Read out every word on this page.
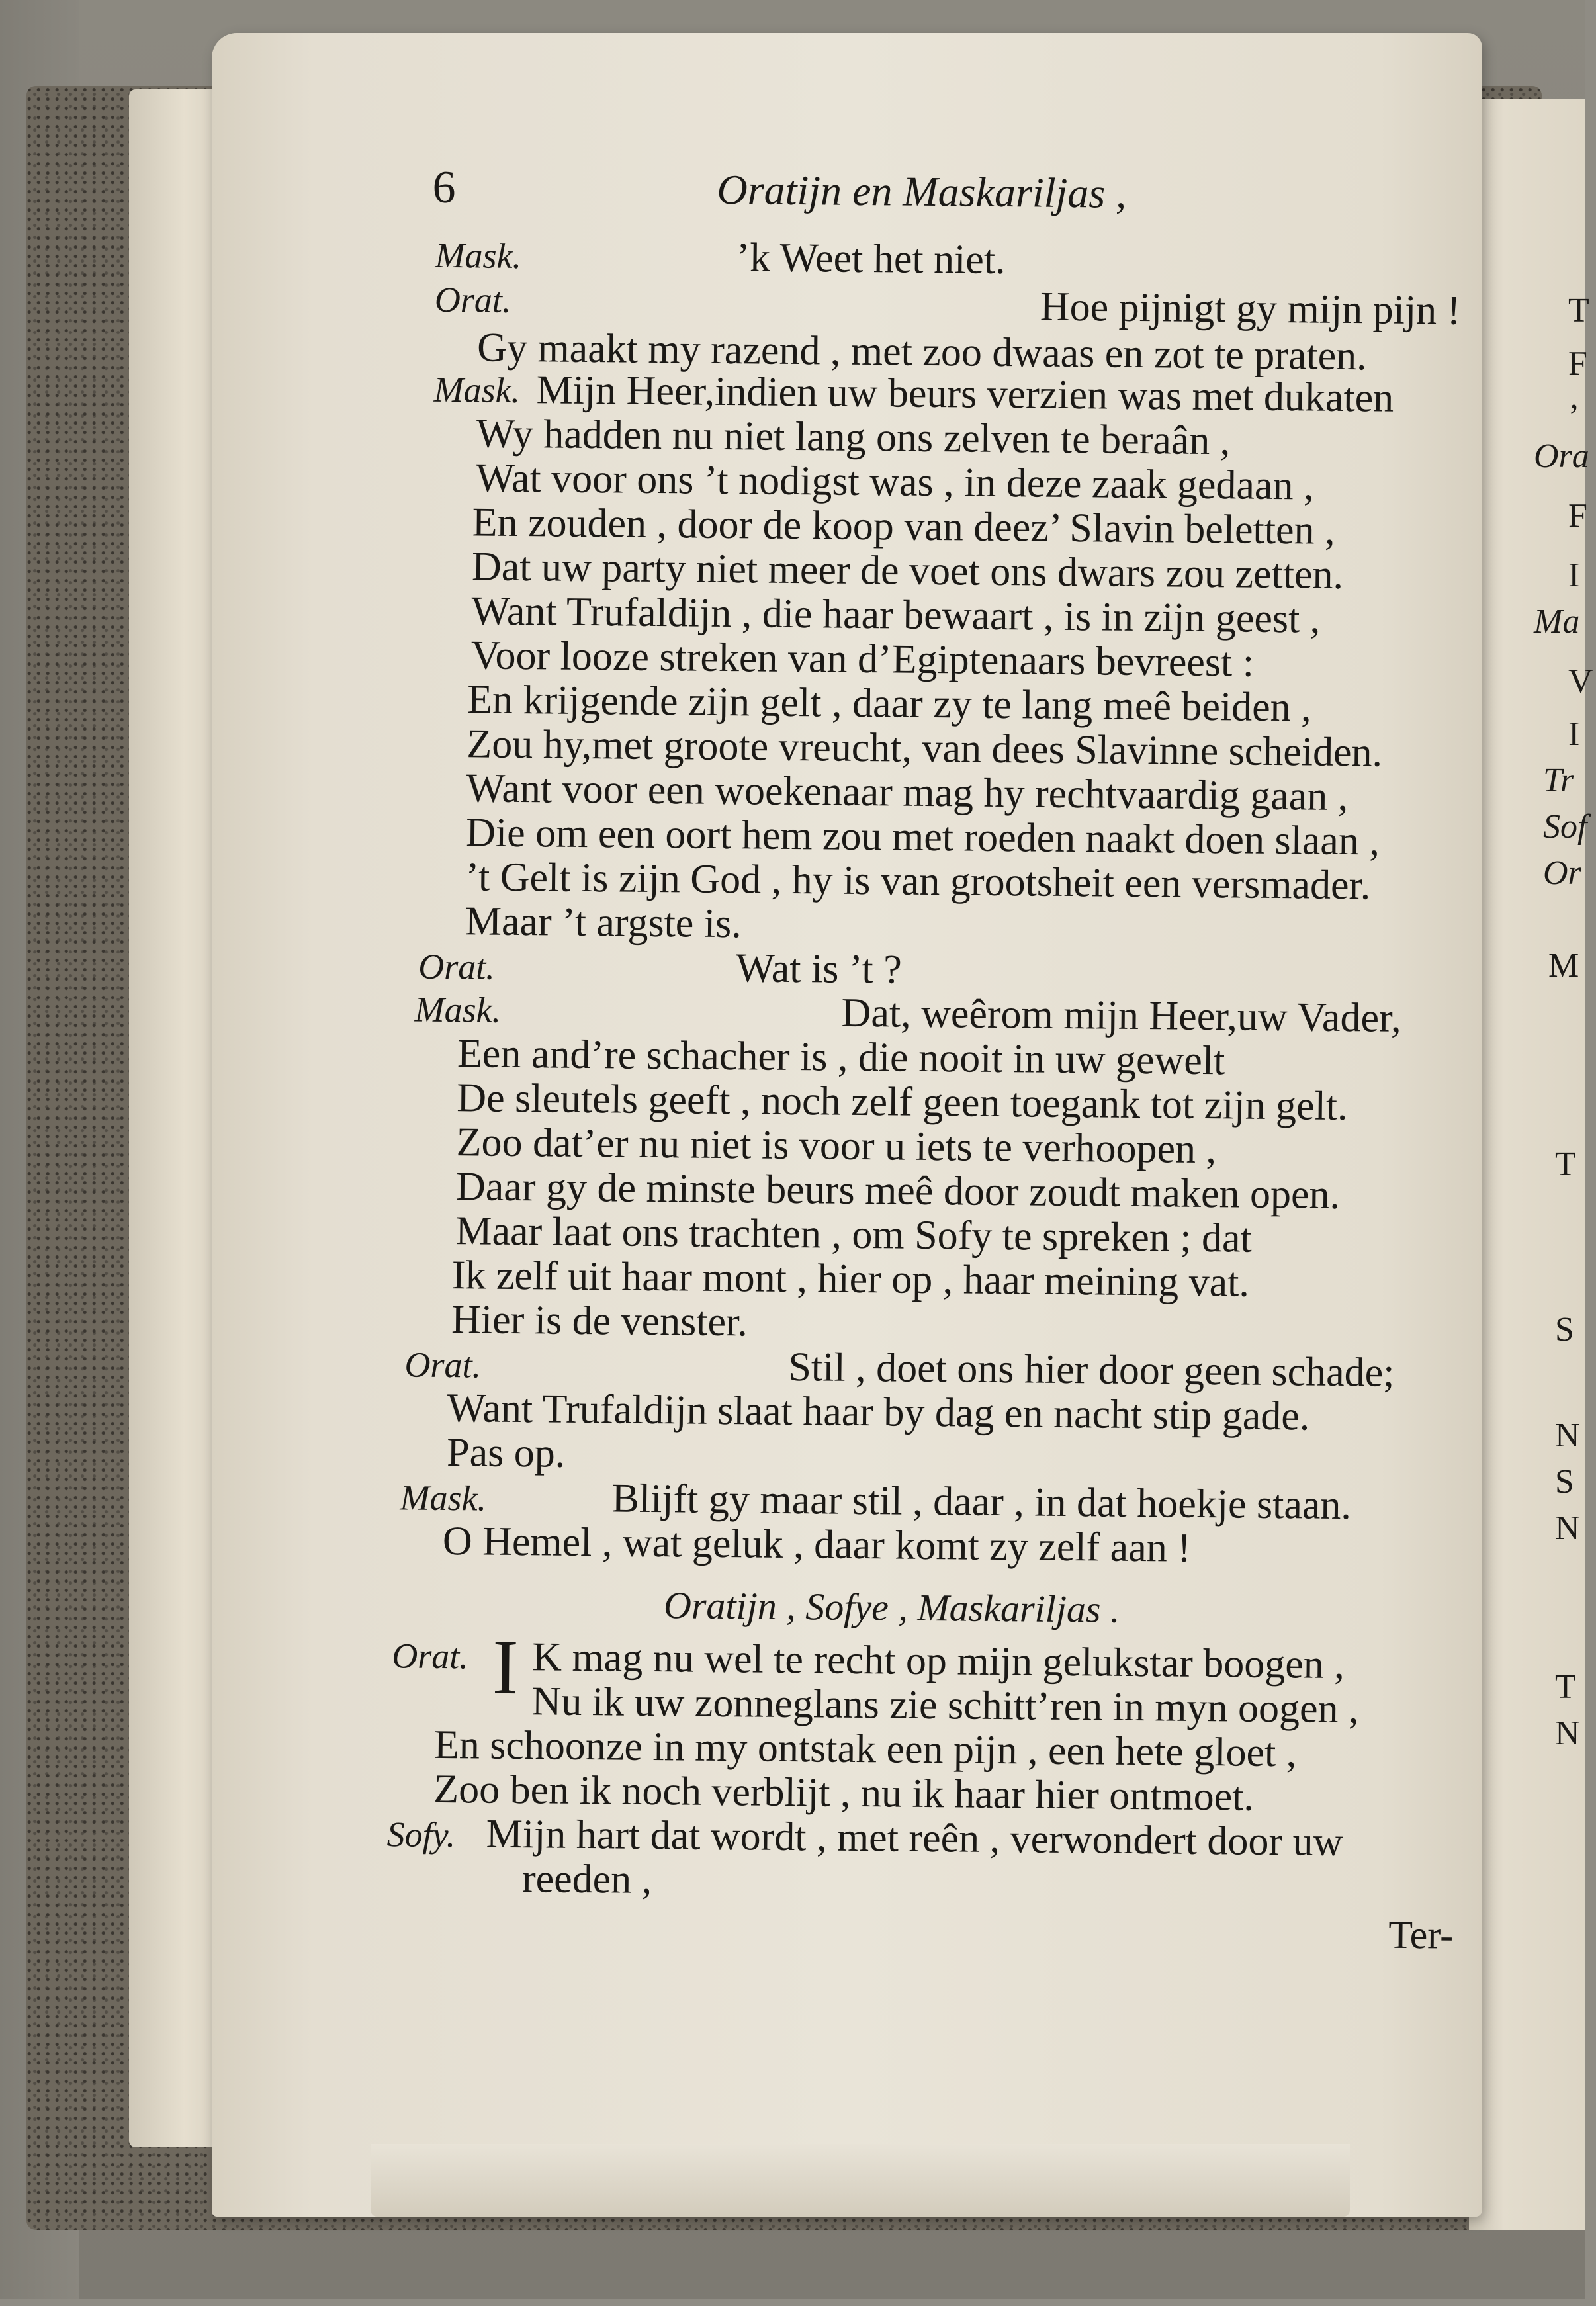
T
F
’
Ora
F
I
Ma
V
I
Tr
Sof
Or
M
T
S
N
S
N
T
N
6	Oratijn en Maskariljas ,
Mask.	’k Weet het niet.
Orat.	Hoe pijnigt gy mijn pijn !
Gy maakt my razend , met zoo dwaas en zot te praten.
Mask. Mijn Heer,indien uw beurs verzien was met dukaten
Wy hadden nu niet lang ons zelven te beraân ,
Wat voor ons ’t nodigst was , in deze zaak gedaan ,
En zouden , door de koop van deez’ Slavin beletten ,
Dat uw party niet meer de voet ons dwars zou zetten.
Want Trufaldijn , die haar bewaart , is in zijn geest ,
Voor looze streken van d’Egiptenaars bevreest :
En krijgende zijn gelt , daar zy te lang meê beiden ,
Zou hy,met groote vreucht, van dees Slavinne scheiden.
Want voor een woekenaar mag hy rechtvaardig gaan ,
Die om een oort hem zou met roeden naakt doen slaan ,
’t Gelt is zijn God , hy is van grootsheit een versmader.
Maar ’t argste is.
Orat.	Wat is ’t ?
Mask.	Dat, weêrom mijn Heer,uw Vader,
Een and’re schacher is , die nooit in uw gewelt
De sleutels geeft , noch zelf geen toegank tot zijn gelt.
Zoo dat’er nu niet is voor u iets te verhoopen ,
Daar gy de minste beurs meê door zoudt maken open.
Maar laat ons trachten , om Sofy te spreken ; dat
Ik zelf uit haar mont , hier op , haar meining vat.
Hier is de venster.
Orat.	Stil , doet ons hier door geen schade;
Want Trufaldijn slaat haar by dag en nacht stip gade.
Pas op.
Mask.	Blijft gy maar stil , daar , in dat hoekje staan.
O Hemel , wat geluk , daar komt zy zelf aan !
Oratijn , Sofye , Maskariljas .
Orat. I K mag nu wel te recht op mijn gelukstar boogen ,
Nu ik uw zonneglans zie schitt’ren in myn oogen ,
En schoonze in my ontstak een pijn , een hete gloet ,
Zoo ben ik noch verblijt , nu ik haar hier ontmoet.
Sofy. Mijn hart dat wordt , met reên , verwondert door uw
reeden ,
Ter-
